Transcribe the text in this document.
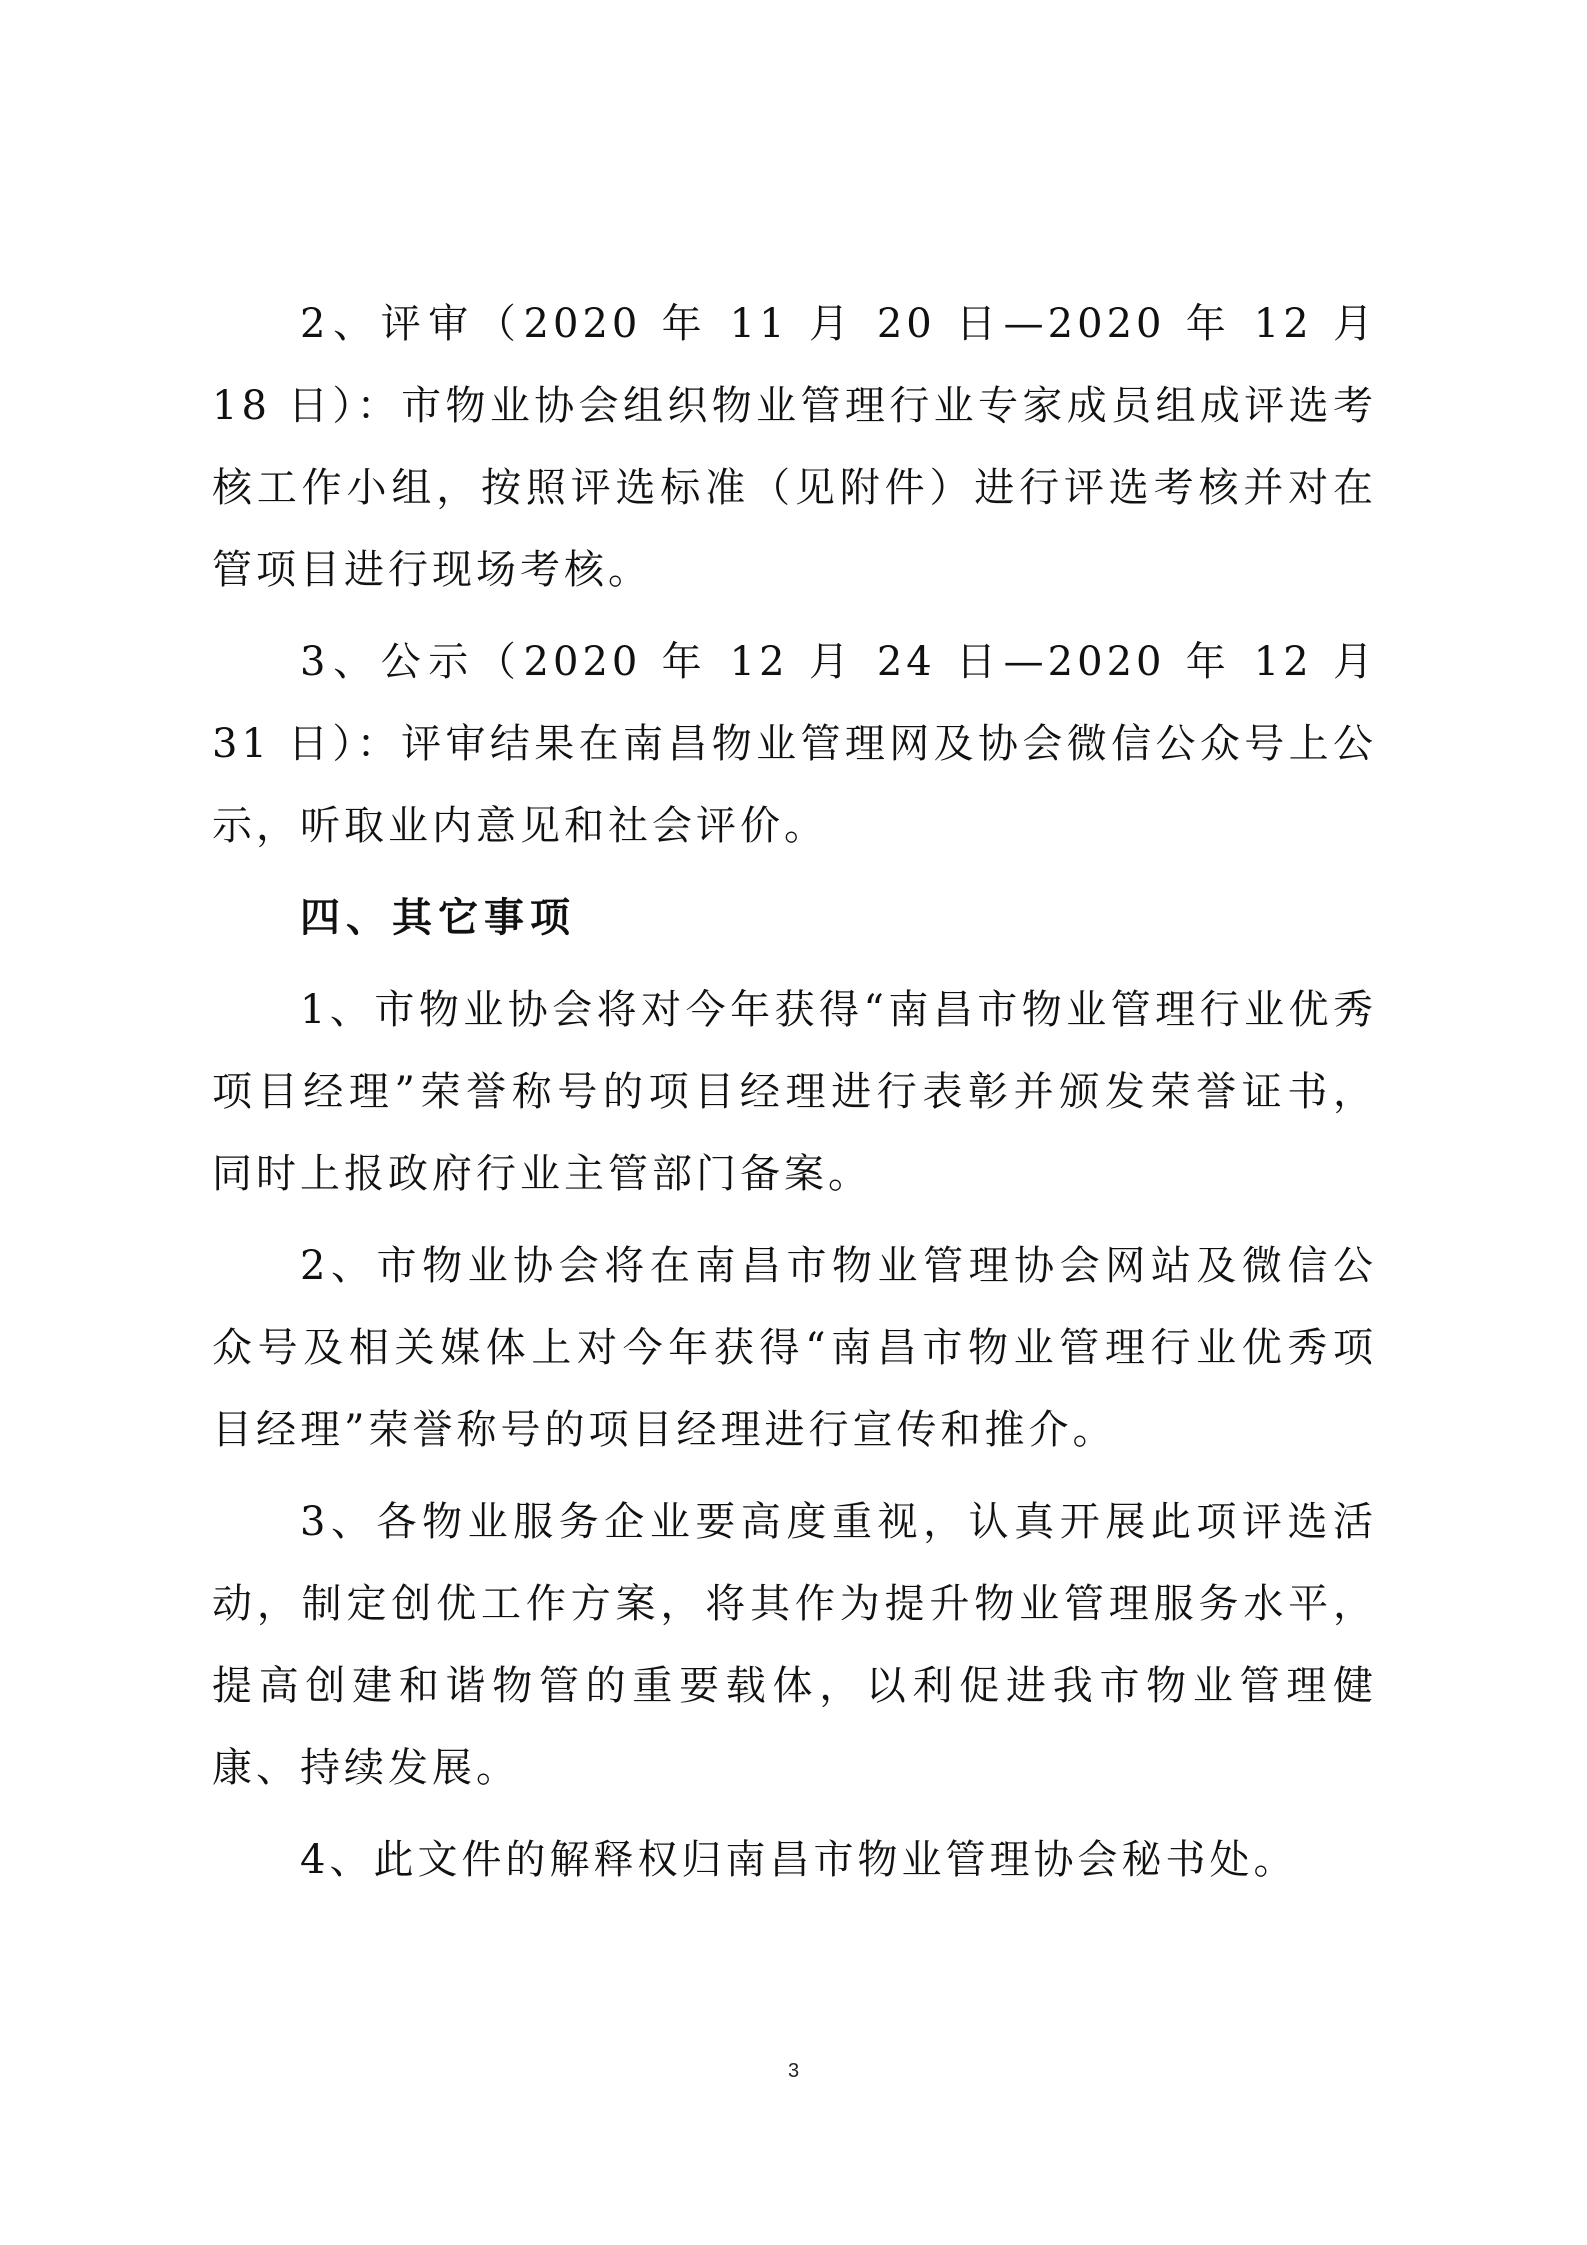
2、评审（2020 年 11 月 20 日—2020 年 12 月 18 日）：市物业协会组织物业管理行业专家成员组成评选考核工作小组，按照评选标准（见附件）进行评选考核并对在管项目进行现场考核。

3、公示（2020 年 12 月 24 日—2020 年 12 月 31 日）：评审结果在南昌物业管理网及协会微信公众号上公示，听取业内意见和社会评价。

四、其它事项

1、市物业协会将对今年获得“南昌市物业管理行业优秀项目经理”荣誉称号的项目经理进行表彰并颁发荣誉证书，同时上报政府行业主管部门备案。

2、市物业协会将在南昌市物业管理协会网站及微信公众号及相关媒体上对今年获得“南昌市物业管理行业优秀项目经理”荣誉称号的项目经理进行宣传和推介。

3、各物业服务企业要高度重视，认真开展此项评选活动，制定创优工作方案，将其作为提升物业管理服务水平，提高创建和谐物管的重要载体，以利促进我市物业管理健康、持续发展。

4、此文件的解释权归南昌市物业管理协会秘书处。

3
